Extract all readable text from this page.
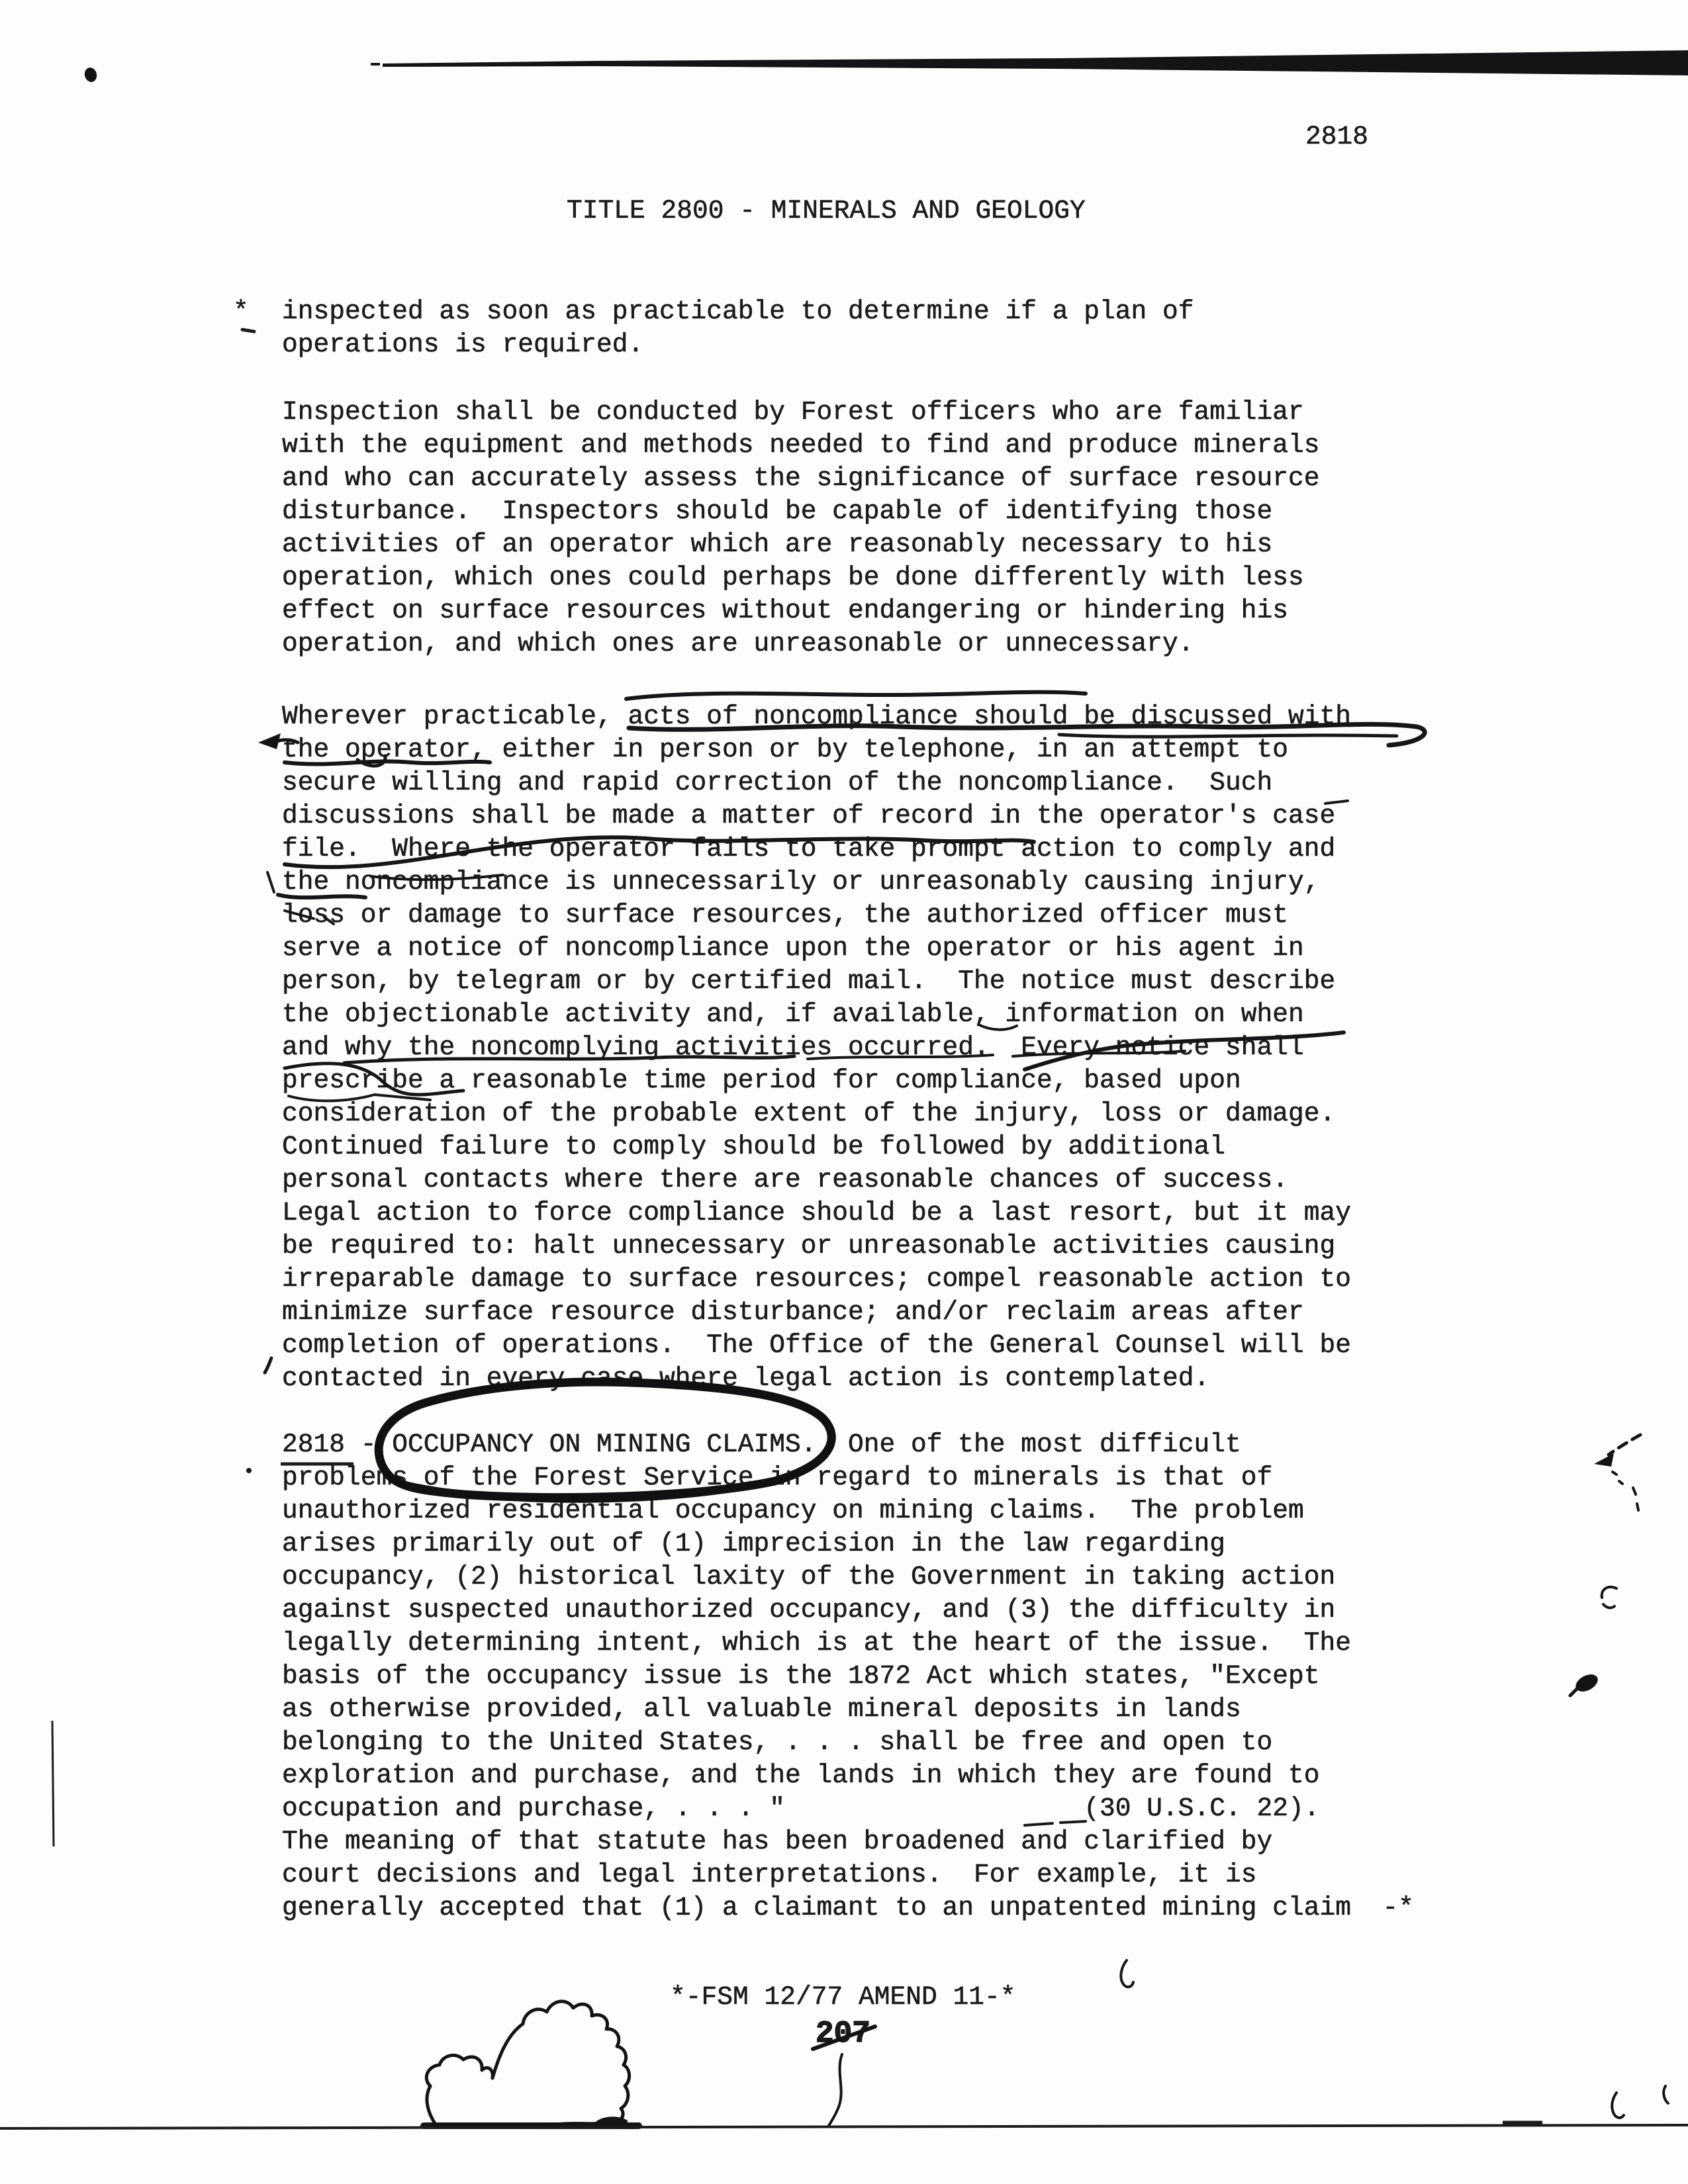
2818
TITLE 2800 - MINERALS AND GEOLOGY
* inspected as soon as practicable to determine if a plan of
operations is required.
Inspection shall be conducted by Forest officers who are familiar
with the equipment and methods needed to find and produce minerals
and who can accurately assess the significance of surface resource
disturbance.  Inspectors should be capable of identifying those
activities of an operator which are reasonably necessary to his
operation, which ones could perhaps be done differently with less
effect on surface resources without endangering or hindering his
operation, and which ones are unreasonable or unnecessary.
Wherever practicable, acts of noncompliance should be discussed with
the operator, either in person or by telephone, in an attempt to
secure willing and rapid correction of the noncompliance.  Such
discussions shall be made a matter of record in the operator's case
file.  Where the operator fails to take prompt action to comply and
the noncompliance is unnecessarily or unreasonably causing injury,
loss or damage to surface resources, the authorized officer must
serve a notice of noncompliance upon the operator or his agent in
person, by telegram or by certified mail.  The notice must describe
the objectionable activity and, if available, information on when
and why the noncomplying activities occurred.  Every notice shall
prescribe a reasonable time period for compliance, based upon
consideration of the probable extent of the injury, loss or damage.
Continued failure to comply should be followed by additional
personal contacts where there are reasonable chances of success.
Legal action to force compliance should be a last resort, but it may
be required to: halt unnecessary or unreasonable activities causing
irreparable damage to surface resources; compel reasonable action to
minimize surface resource disturbance; and/or reclaim areas after
completion of operations.  The Office of the General Counsel will be
contacted in every case where legal action is contemplated.
2818 - OCCUPANCY ON MINING CLAIMS.  One of the most difficult
problems of the Forest Service in regard to minerals is that of
unauthorized residential occupancy on mining claims.  The problem
arises primarily out of (1) imprecision in the law regarding
occupancy, (2) historical laxity of the Government in taking action
against suspected unauthorized occupancy, and (3) the difficulty in
legally determining intent, which is at the heart of the issue.  The
basis of the occupancy issue is the 1872 Act which states, "Except
as otherwise provided, all valuable mineral deposits in lands
belonging to the United States, . . . shall be free and open to
exploration and purchase, and the lands in which they are found to
occupation and purchase, . . . "                   (30 U.S.C. 22).
The meaning of that statute has been broadened and clarified by
court decisions and legal interpretations.  For example, it is
generally accepted that (1) a claimant to an unpatented mining claim  -*
*-FSM 12/77 AMEND 11-*
207
